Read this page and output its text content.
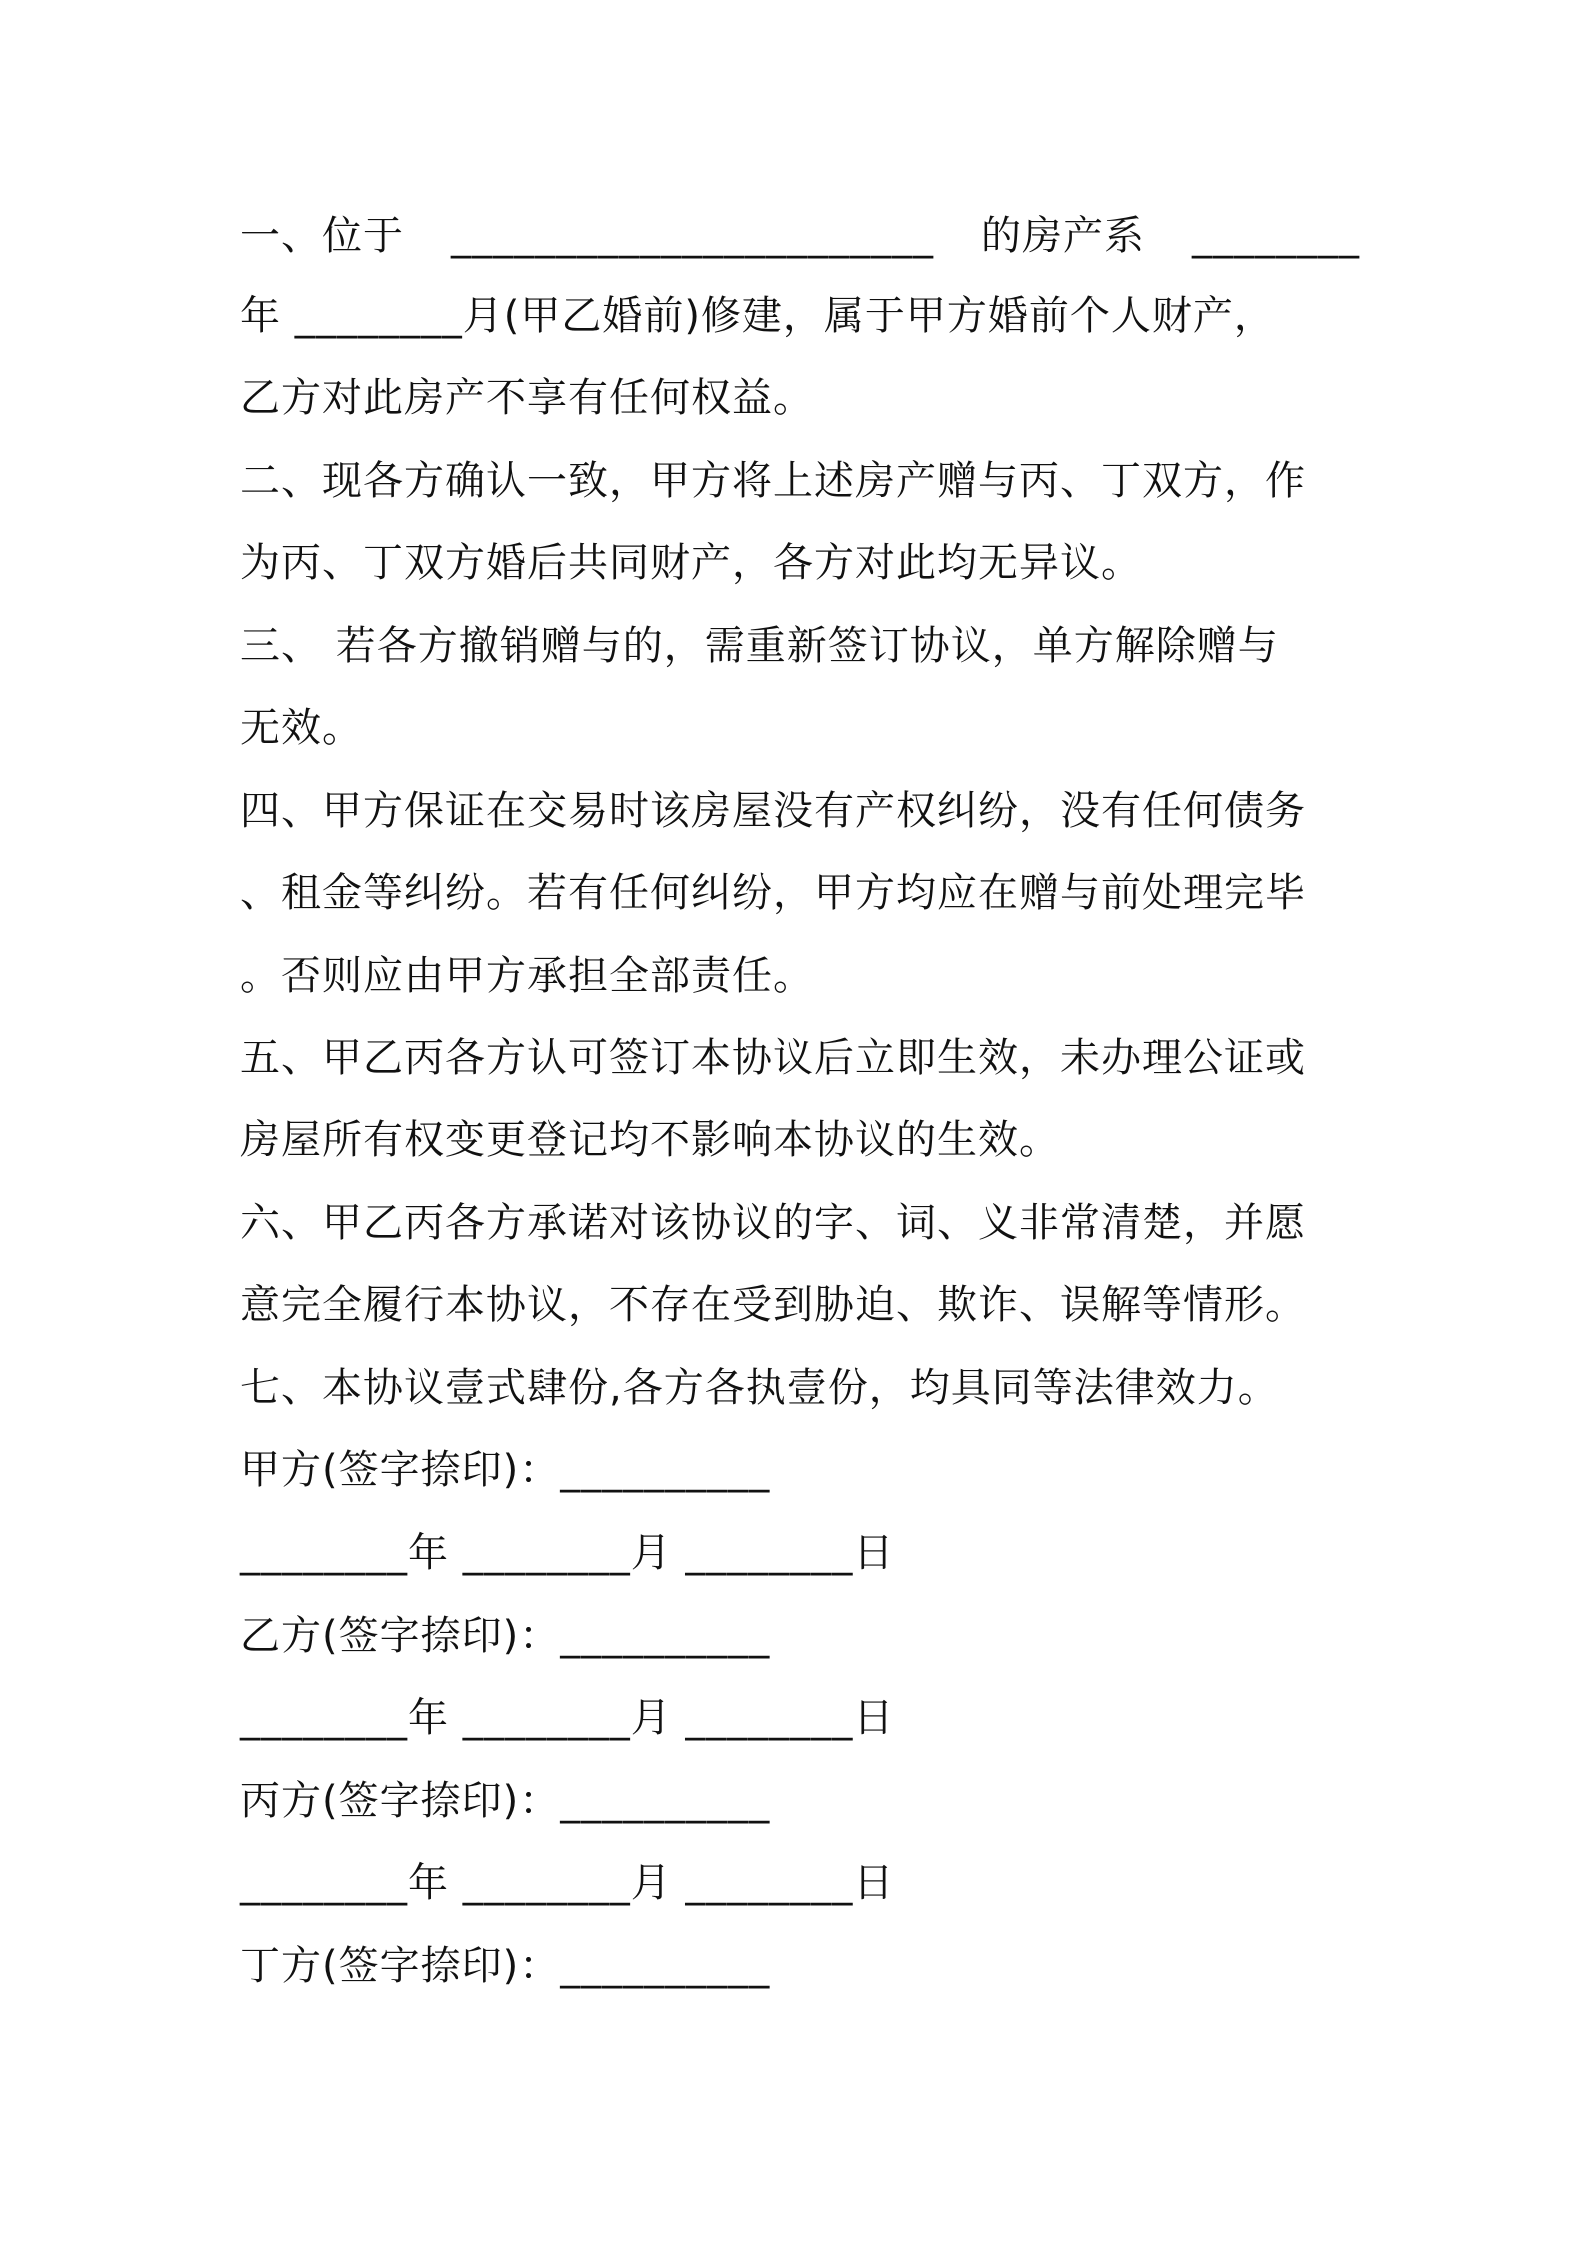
一、位于 _______________________ 的房产系 ________
年 ________月(甲乙婚前)修建，属于甲方婚前个人财产，
乙方对此房产不享有任何权益。
二、现各方确认一致，甲方将上述房产赠与丙、丁双方，作
为丙、丁双方婚后共同财产，各方对此均无异议。
三、 若各方撤销赠与的，需重新签订协议，单方解除赠与
无效。
四、甲方保证在交易时该房屋没有产权纠纷，没有任何债务
、租金等纠纷。若有任何纠纷，甲方均应在赠与前处理完毕
。否则应由甲方承担全部责任。
五、甲乙丙各方认可签订本协议后立即生效，未办理公证或
房屋所有权变更登记均不影响本协议的生效。
六、甲乙丙各方承诺对该协议的字、词、义非常清楚，并愿
意完全履行本协议，不存在受到胁迫、欺诈、误解等情形。
七、本协议壹式肆份,各方各执壹份，均具同等法律效力。
甲方(签字捺印)：__________
________年 ________月 ________日
乙方(签字捺印)：__________
________年 ________月 ________日
丙方(签字捺印)：__________
________年 ________月 ________日
丁方(签字捺印)：__________
